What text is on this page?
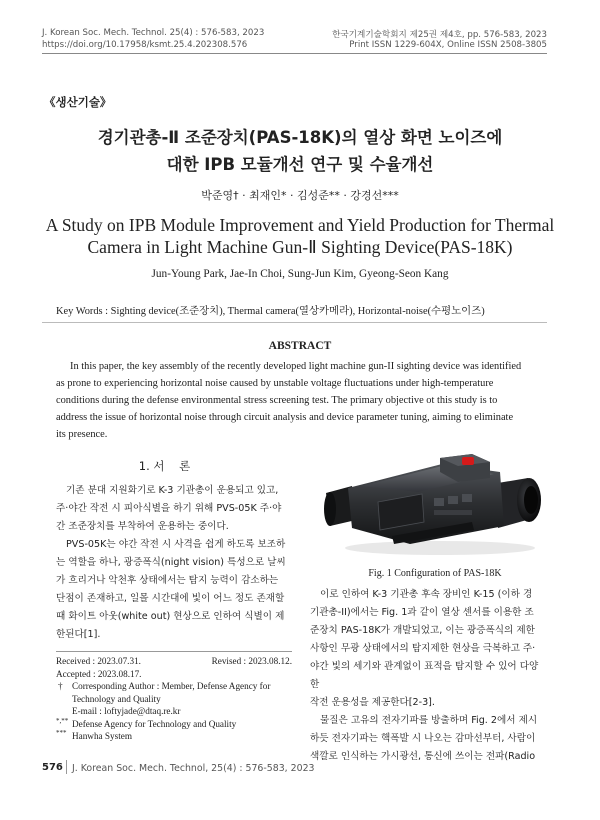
J. Korean Soc. Mech. Technol. 25(4) : 576-583, 2023
https://doi.org/10.17958/ksmt.25.4.202308.576
한국기계기술학회지 제25권 제4호, pp. 576-583, 2023
Print ISSN 1229-604X, Online ISSN 2508-3805
《생산기술》
경기관총-Ⅱ 조준장치(PAS-18K)의 열상 화면 노이즈에
대한 IPB 모듈개선 연구 및 수율개선
박준영† · 최재인* · 김성준** · 강경선***
A Study on IPB Module Improvement and Yield Production for Thermal
Camera in Light Machine Gun-Ⅱ Sighting Device(PAS-18K)
Jun-Young Park, Jae-In Choi, Sung-Jun Kim, Gyeong-Seon Kang
Key Words : Sighting device(조준장치), Thermal camera(열상카메라), Horizontal-noise(수평노이즈)
ABSTRACT
In this paper, the key assembly of the recently developed light machine gun-II sighting device was identified
as prone to experiencing horizontal noise caused by unstable voltage fluctuations under high-temperature
conditions during the defense environmental stress screening test. The primary objective ot this study is to
address the issue of horizontal noise through circuit analysis and device parameter tuning, aiming to eliminate
its presence.
1. 서    론
기존 분대 지원화기로 K-3 기관총이 운용되고 있고,
주·야간 작전 시 피아식별을 하기 위해 PVS-05K 주·야
간 조준장치를 부착하여 운용하는 중이다.
PVS-05K는 야간 작전 시 사격을 쉽게 하도록 보조하
는 역할을 하나, 광증폭식(night vision) 특성으로 날씨
가 흐리거나 악천후 상태에서는 탐지 능력이 감소하는
단점이 존재하고, 일몰 시간대에 빛이 어느 정도 존재할
때 화이트 아웃(white out) 현상으로 인하여 식별이 제
한된다[1].
Received : 2023.07.31.	Revised : 2023.08.12.
Accepted : 2023.08.17.
† Corresponding Author : Member, Defense Agency for
Technology and Quality
E-mail : loftyjade@dtaq.re.kr
*,** Defense Agency for Technology and Quality
*** Hanwha System
Fig. 1 Configuration of PAS-18K
이로 인하여 K-3 기관총 후속 장비인 K-15 (이하 경
기관총-II)에서는 Fig. 1과 같이 열상 센서를 이용한 조
준장치 PAS-18K가 개발되었고, 이는 광증폭식의 제한
사항인 무광 상태에서의 탐지제한 현상을 극복하고 주·
야간 빛의 세기와 관계없이 표적을 탐지할 수 있어 다양한
작전 운용성을 제공한다[2-3].
물질은 고유의 전자기파를 방출하며 Fig. 2에서 제시
하듯 전자기파는 핵폭발 시 나오는 감마선부터, 사람이
색깔로 인식하는 가시광선, 통신에 쓰이는 전파(Radio
576 J. Korean Soc. Mech. Technol, 25(4) : 576-583, 2023
